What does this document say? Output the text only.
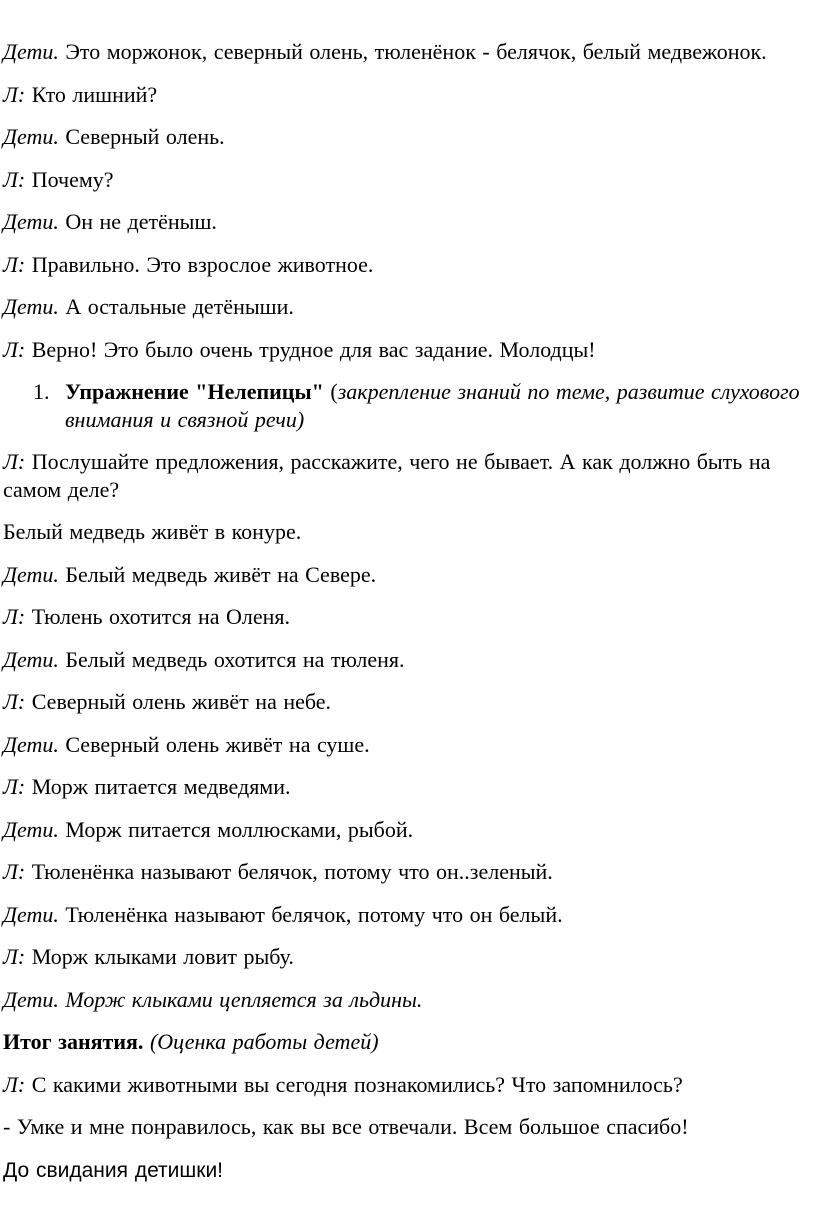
Дети. Это моржонок, северный олень, тюленёнок - белячок, белый медвежонок.

Л: Кто лишний?

Дети. Северный олень.

Л: Почему?

Дети. Он не детёныш.

Л: Правильно. Это взрослое животное.

Дети. А остальные детёныши.

Л: Верно! Это было очень трудное для вас задание. Молодцы!

1. Упражнение "Нелепицы" (закрепление знаний по теме, развитие слухового внимания и связной речи)

Л: Послушайте предложения, расскажите, чего не бывает. А как должно быть на самом деле?

Белый медведь живёт в конуре.

Дети. Белый медведь живёт на Севере.

Л: Тюлень охотится на Оленя.

Дети. Белый медведь охотится на тюленя.

Л: Северный олень живёт на небе.

Дети. Северный олень живёт на суше.

Л: Морж питается медведями.

Дети. Морж питается моллюсками, рыбой.

Л: Тюленёнка называют белячок, потому что он..зеленый.

Дети. Тюленёнка называют белячок, потому что он белый.

Л: Морж клыками ловит рыбу.

Дети. Морж клыками цепляется за льдины.

Итог занятия. (Оценка работы детей)

Л: С какими животными вы сегодня познакомились? Что запомнилось?

- Умке и мне понравилось, как вы все отвечали. Всем большое спасибо!

До свидания детишки!
